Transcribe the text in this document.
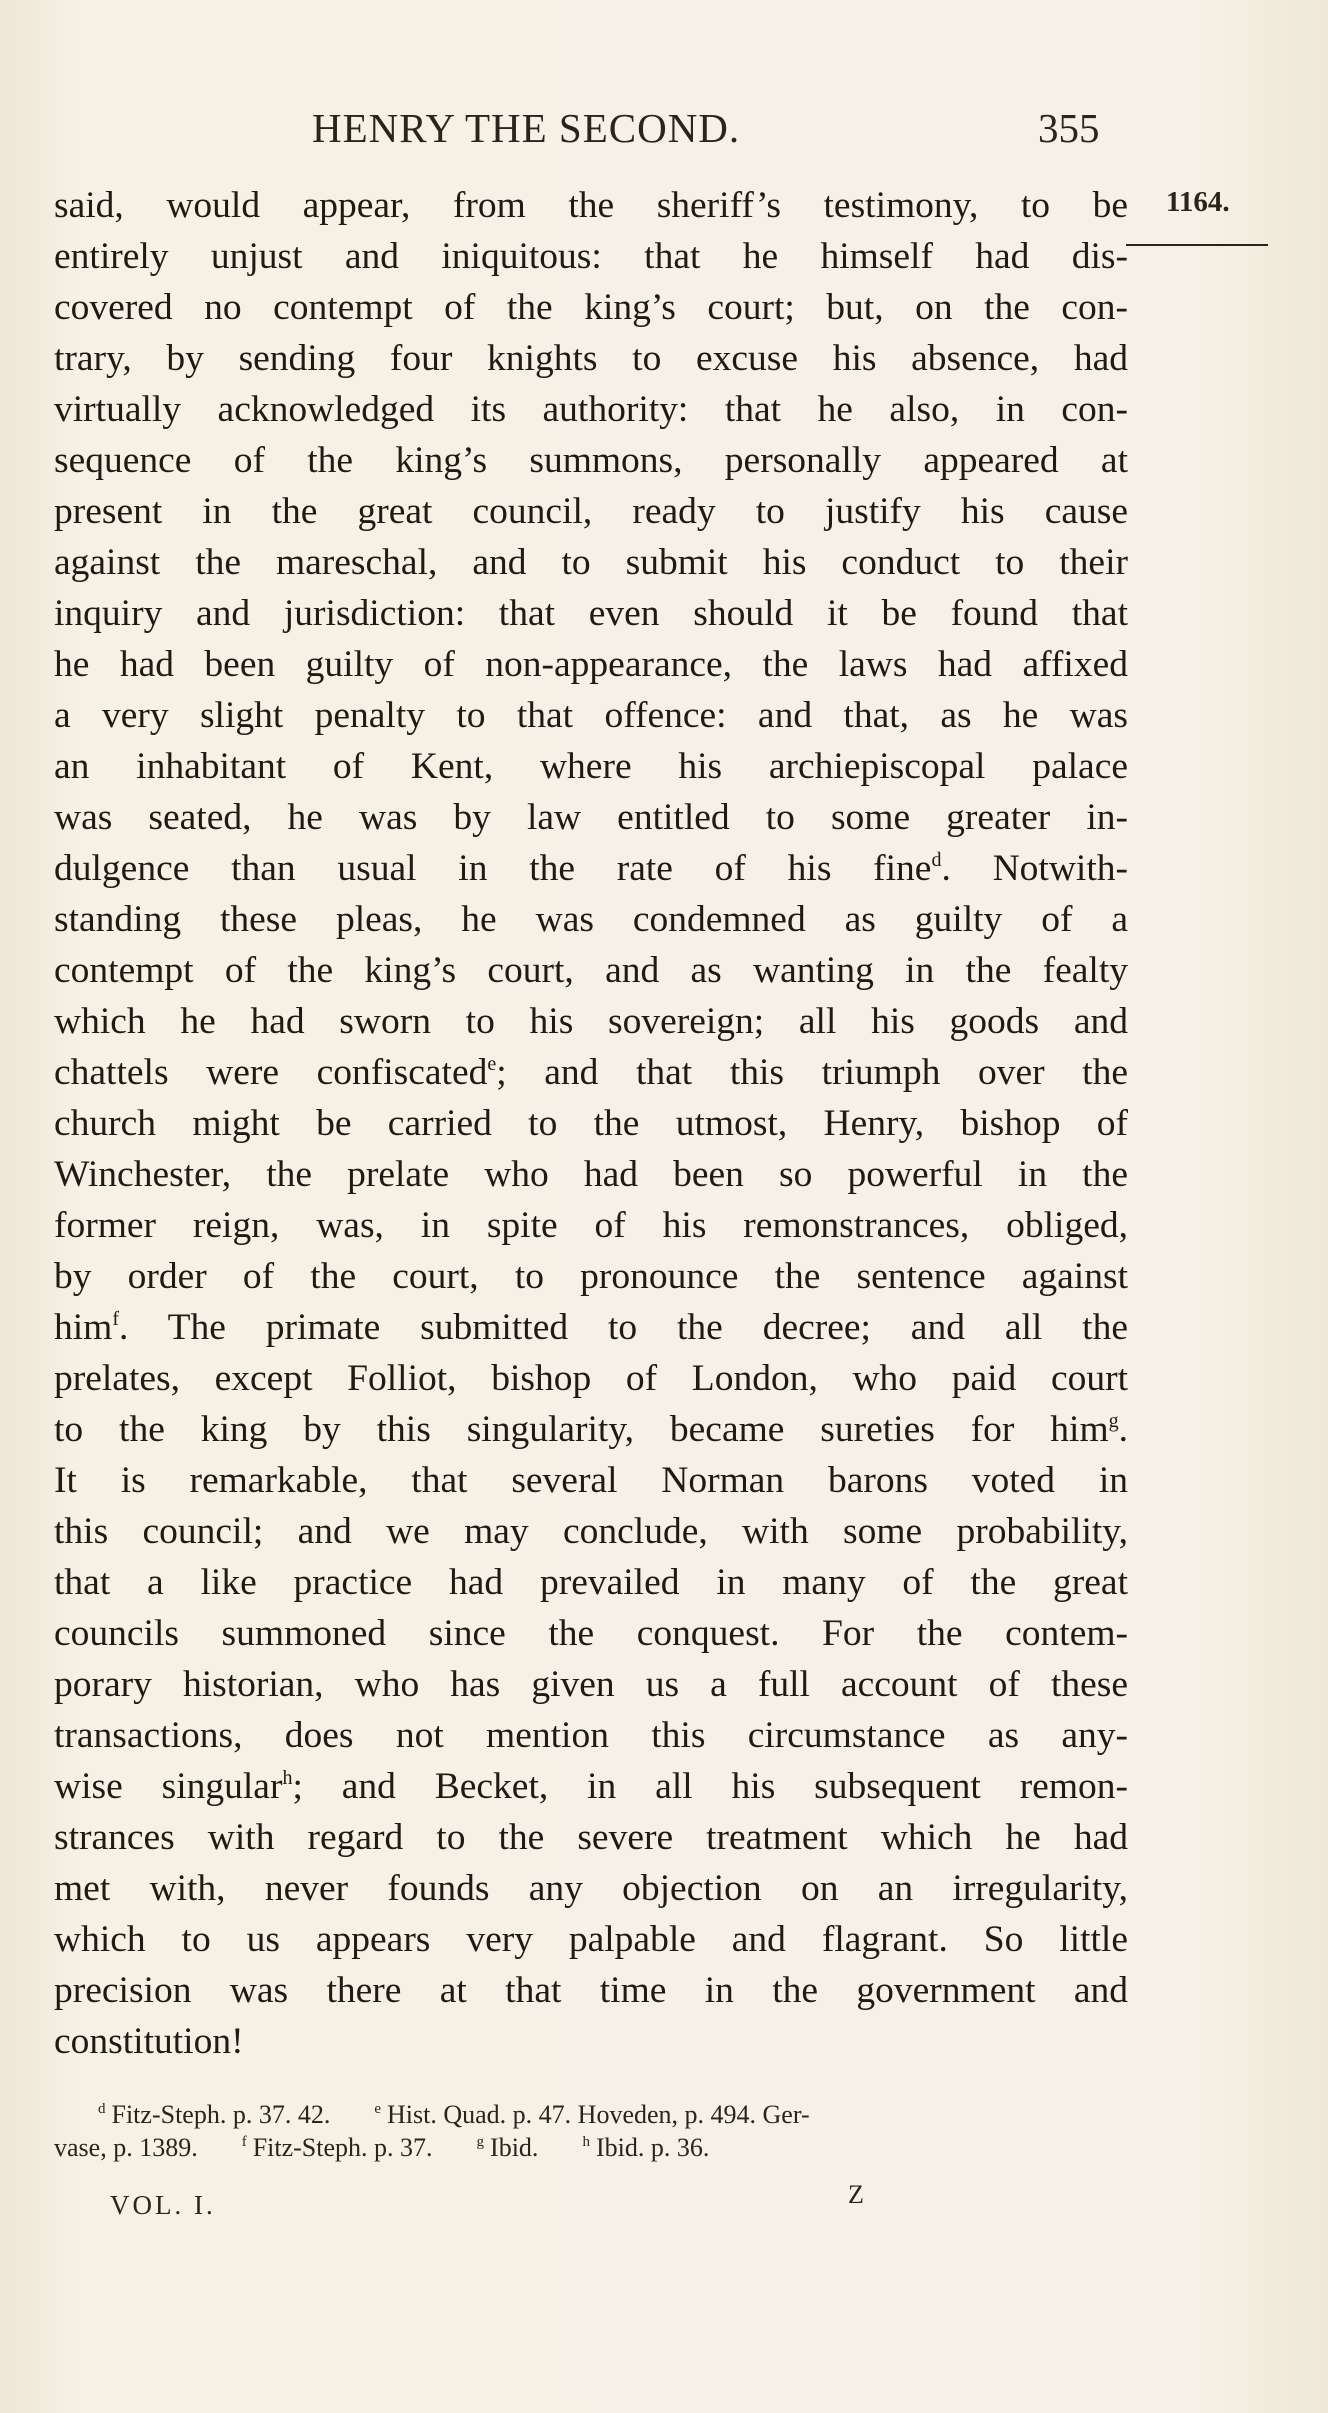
HENRY THE SECOND.	355
1164.
said, would appear, from the sheriff’s testimony, to be
entirely unjust and iniquitous: that he himself had dis-
covered no contempt of the king’s court; but, on the con-
trary, by sending four knights to excuse his absence, had
virtually acknowledged its authority: that he also, in con-
sequence of the king’s summons, personally appeared at
present in the great council, ready to justify his cause
against the mareschal, and to submit his conduct to their
inquiry and jurisdiction: that even should it be found that
he had been guilty of non-appearance, the laws had affixed
a very slight penalty to that offence: and that, as he was
an inhabitant of Kent, where his archiepiscopal palace
was seated, he was by law entitled to some greater in-
dulgence than usual in the rate of his fine$^d$. Notwith-
standing these pleas, he was condemned as guilty of a
contempt of the king’s court, and as wanting in the fealty
which he had sworn to his sovereign; all his goods and
chattels were confiscated$^e$; and that this triumph over the
church might be carried to the utmost, Henry, bishop of
Winchester, the prelate who had been so powerful in the
former reign, was, in spite of his remonstrances, obliged,
by order of the court, to pronounce the sentence against
him$^f$. The primate submitted to the decree; and all the
prelates, except Folliot, bishop of London, who paid court
to the king by this singularity, became sureties for him$^g$.
It is remarkable, that several Norman barons voted in
this council; and we may conclude, with some probability,
that a like practice had prevailed in many of the great
councils summoned since the conquest. For the contem-
porary historian, who has given us a full account of these
transactions, does not mention this circumstance as any-
wise singular$^h$; and Becket, in all his subsequent remon-
strances with regard to the severe treatment which he had
met with, never founds any objection on an irregularity,
which to us appears very palpable and flagrant. So little
precision was there at that time in the government and
constitution!
$^d$ Fitz-Steph. p. 37. 42.	$^e$ Hist. Quad. p. 47. Hoveden, p. 494. Ger-
vase, p. 1389.	$^f$ Fitz-Steph. p. 37.	$^g$ Ibid.	$^h$ Ibid. p. 36.
VOL. I.	Z
